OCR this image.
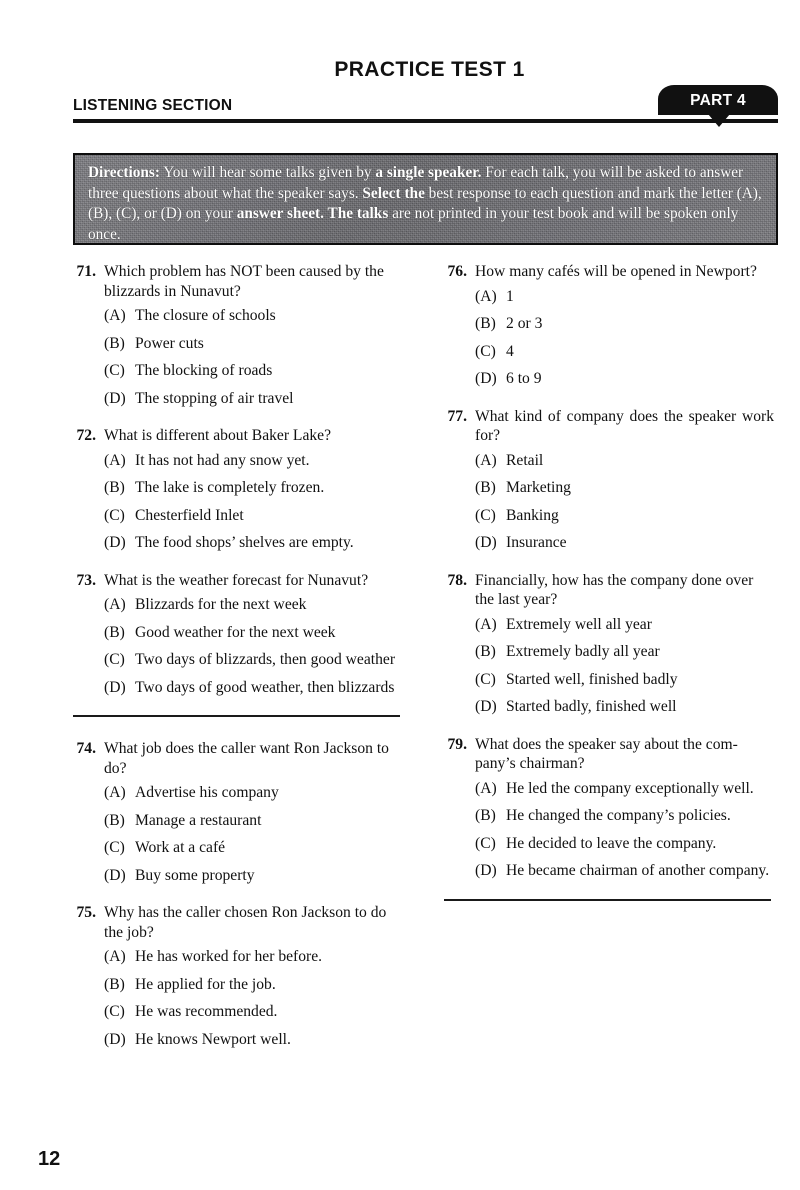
PRACTICE TEST 1
LISTENING SECTION	PART 4
Directions: You will hear some talks given by a single speaker. For each talk, you will be asked to answer three questions about what the speaker says. Select the best response to each question and mark the letter (A), (B), (C), or (D) on your answer sheet. The talks are not printed in your test book and will be spoken only once.
71. Which problem has NOT been caused by the blizzards in Nunavut?
(A) The closure of schools
(B) Power cuts
(C) The blocking of roads
(D) The stopping of air travel
72. What is different about Baker Lake?
(A) It has not had any snow yet.
(B) The lake is completely frozen.
(C) Chesterfield Inlet
(D) The food shops’ shelves are empty.
73. What is the weather forecast for Nunavut?
(A) Blizzards for the next week
(B) Good weather for the next week
(C) Two days of blizzards, then good weather
(D) Two days of good weather, then blizzards
74. What job does the caller want Ron Jackson to do?
(A) Advertise his company
(B) Manage a restaurant
(C) Work at a café
(D) Buy some property
75. Why has the caller chosen Ron Jackson to do the job?
(A) He has worked for her before.
(B) He applied for the job.
(C) He was recommended.
(D) He knows Newport well.
76. How many cafés will be opened in Newport?
(A) 1
(B) 2 or 3
(C) 4
(D) 6 to 9
77. What kind of company does the speaker work for?
(A) Retail
(B) Marketing
(C) Banking
(D) Insurance
78. Financially, how has the company done over the last year?
(A) Extremely well all year
(B) Extremely badly all year
(C) Started well, finished badly
(D) Started badly, finished well
79. What does the speaker say about the com-pany’s chairman?
(A) He led the company exceptionally well.
(B) He changed the company’s policies.
(C) He decided to leave the company.
(D) He became chairman of another company.
12
